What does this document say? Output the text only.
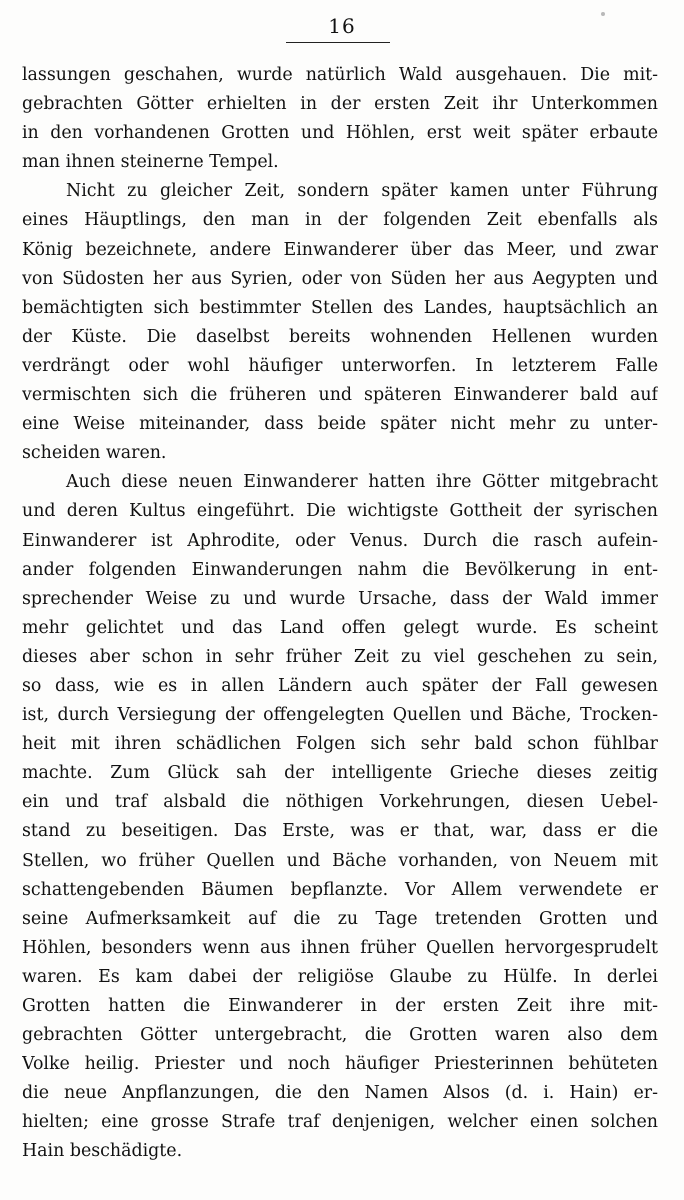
16
lassungen geschahen, wurde natürlich Wald ausgehauen. Die mit-
gebrachten Götter erhielten in der ersten Zeit ihr Unterkommen
in den vorhandenen Grotten und Höhlen, erst weit später erbaute
man ihnen steinerne Tempel.
Nicht zu gleicher Zeit, sondern später kamen unter Führung
eines Häuptlings, den man in der folgenden Zeit ebenfalls als
König bezeichnete, andere Einwanderer über das Meer, und zwar
von Südosten her aus Syrien, oder von Süden her aus Aegypten und
bemächtigten sich bestimmter Stellen des Landes, hauptsächlich an
der Küste. Die daselbst bereits wohnenden Hellenen wurden
verdrängt oder wohl häufiger unterworfen. In letzterem Falle
vermischten sich die früheren und späteren Einwanderer bald auf
eine Weise miteinander, dass beide später nicht mehr zu unter-
scheiden waren.
Auch diese neuen Einwanderer hatten ihre Götter mitgebracht
und deren Kultus eingeführt. Die wichtigste Gottheit der syrischen
Einwanderer ist Aphrodite, oder Venus. Durch die rasch aufein-
ander folgenden Einwanderungen nahm die Bevölkerung in ent-
sprechender Weise zu und wurde Ursache, dass der Wald immer
mehr gelichtet und das Land offen gelegt wurde. Es scheint
dieses aber schon in sehr früher Zeit zu viel geschehen zu sein,
so dass, wie es in allen Ländern auch später der Fall gewesen
ist, durch Versiegung der offengelegten Quellen und Bäche, Trocken-
heit mit ihren schädlichen Folgen sich sehr bald schon fühlbar
machte. Zum Glück sah der intelligente Grieche dieses zeitig
ein und traf alsbald die nöthigen Vorkehrungen, diesen Uebel-
stand zu beseitigen. Das Erste, was er that, war, dass er die
Stellen, wo früher Quellen und Bäche vorhanden, von Neuem mit
schattengebenden Bäumen bepflanzte. Vor Allem verwendete er
seine Aufmerksamkeit auf die zu Tage tretenden Grotten und
Höhlen, besonders wenn aus ihnen früher Quellen hervorgesprudelt
waren. Es kam dabei der religiöse Glaube zu Hülfe. In derlei
Grotten hatten die Einwanderer in der ersten Zeit ihre mit-
gebrachten Götter untergebracht, die Grotten waren also dem
Volke heilig. Priester und noch häufiger Priesterinnen behüteten
die neue Anpflanzungen, die den Namen Alsos (d. i. Hain) er-
hielten; eine grosse Strafe traf denjenigen, welcher einen solchen
Hain beschädigte.
